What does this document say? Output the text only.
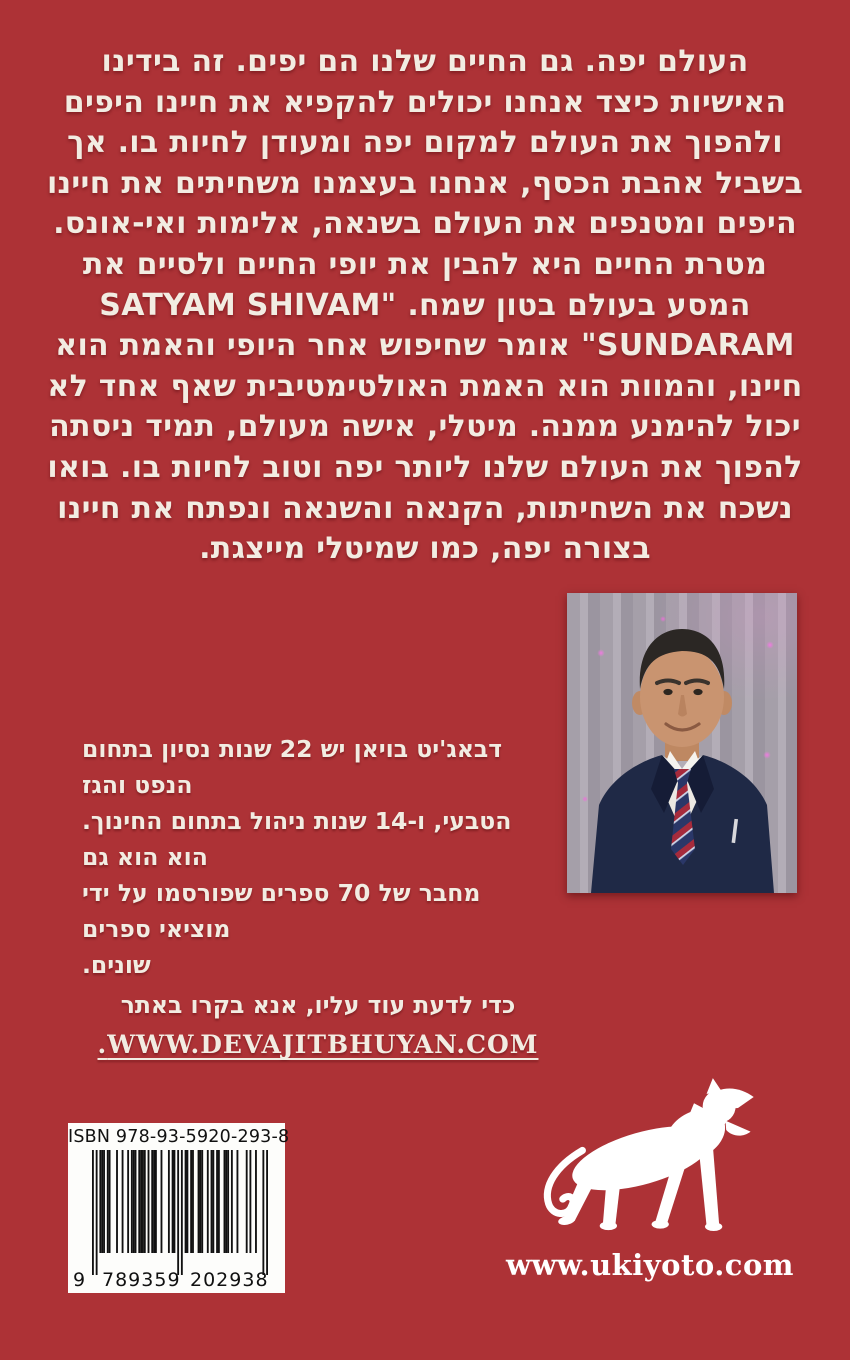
העולם יפה. גם החיים שלנו הם יפים. זה בידינו
האישיות כיצד אנחנו יכולים להקפיא את חיינו היפים
ולהפוך את העולם למקום יפה ומעודן לחיות בו. אך
בשביל אהבת הכסף, אנחנו בעצמנו משחיתים את חיינו
היפים ומטנפים את העולם בשנאה, אלימות ואי-אונס.
מטרת החיים היא להבין את יופי החיים ולסיים את
המסע בעולם בטון שמח. "SATYAM SHIVAM
SUNDARAM" אומר שחיפוש אחר היופי והאמת הוא
חיינו, והמוות הוא האמת האולטימטיבית שאף אחד לא
יכול להימנע ממנה. מיטלי, אישה מעולם, תמיד ניסתה
להפוך את העולם שלנו ליותר יפה וטוב לחיות בו. בואו
נשכח את השחיתות, הקנאה והשנאה ונפתח את חיינו
בצורה יפה, כמו שמיטלי מייצגת.
דבאג'יט בויאן יש 22 שנות נסיון בתחום הנפט והגז
הטבעי, ו-14 שנות ניהול בתחום החינוך. הוא הוא גם
מחבר של 70 ספרים שפורסמו על ידי מוציאי ספרים
שונים.
כדי לדעת עוד עליו, אנא בקרו באתר
WWW.DEVAJITBHUYAN.COM.
ISBN 978-93-5920-293-8
9 789359 202938	www.ukiyoto.com
